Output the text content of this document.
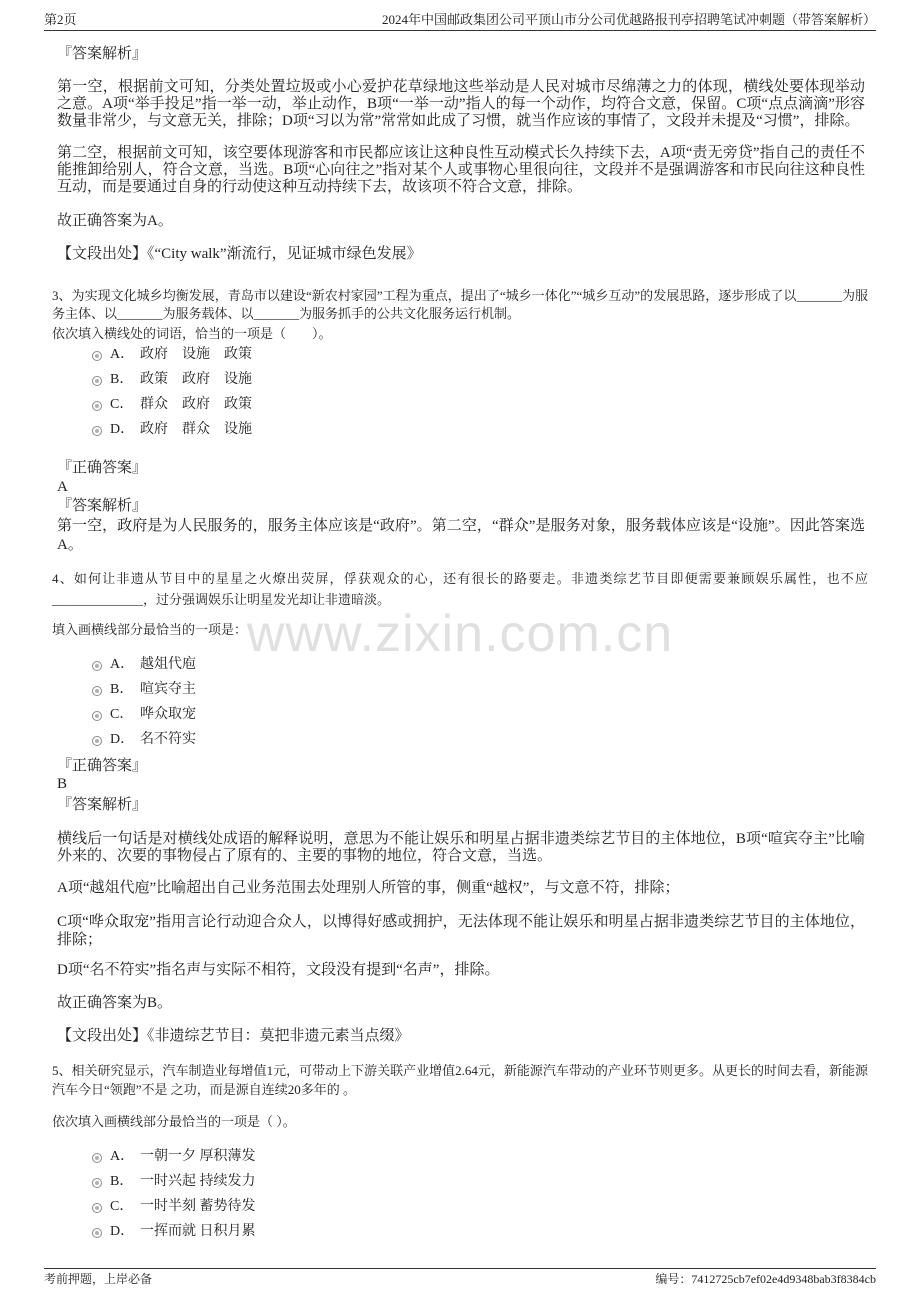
第2页	2024年中国邮政集团公司平顶山市分公司优越路报刊亭招聘笔试冲刺题（带答案解析）
www.zixin.com.cn
『答案解析』
第一空，根据前文可知，分类处置垃圾或小心爱护花草绿地这些举动是人民对城市尽绵薄之力的体现，横线处要体现举动之意。A项“举手投足”指一举一动，举止动作，B项“一举一动”指人的每一个动作，均符合文意，保留。C项“点点滴滴”形容数量非常少，与文意无关，排除；D项“习以为常”常常如此成了习惯，就当作应该的事情了，文段并未提及“习惯”，排除。
第二空，根据前文可知，该空要体现游客和市民都应该让这种良性互动模式长久持续下去，A项“责无旁贷”指自己的责任不能推卸给别人，符合文意，当选。B项“心向往之”指对某个人或事物心里很向往，文段并不是强调游客和市民向往这种良性互动，而是要通过自身的行动使这种互动持续下去，故该项不符合文意，排除。
故正确答案为A。
【文段出处】《“City walk”渐流行，见证城市绿色发展》
3、为实现文化城乡均衡发展，青岛市以建设“新农村家园”工程为重点，提出了“城乡一体化”“城乡互动”的发展思路，逐步形成了以_______为服务主体、以_______为服务载体、以_______为服务抓手的公共文化服务运行机制。
依次填入横线处的词语，恰当的一项是（　　）。
A． 政府　设施　政策
B． 政策　政府　设施
C． 群众　政府　政策
D． 政府　群众　设施
『正确答案』
A
『答案解析』
第一空，政府是为人民服务的，服务主体应该是“政府”。第二空，“群众”是服务对象，服务载体应该是“设施”。因此答案选A。
4、如何让非遗从节目中的星星之火燎出荧屏，俘获观众的心，还有很长的路要走。非遗类综艺节目即便需要兼顾娱乐属性，也不应______________，过分强调娱乐让明星发光却让非遗暗淡。
填入画横线部分最恰当的一项是：
A． 越俎代庖
B． 喧宾夺主
C． 哗众取宠
D． 名不符实
『正确答案』
B
『答案解析』
横线后一句话是对横线处成语的解释说明，意思为不能让娱乐和明星占据非遗类综艺节目的主体地位，B项“喧宾夺主”比喻外来的、次要的事物侵占了原有的、主要的事物的地位，符合文意，当选。
A项“越俎代庖”比喻超出自己业务范围去处理别人所管的事，侧重“越权”，与文意不符，排除；
C项“哗众取宠”指用言论行动迎合众人，以博得好感或拥护，无法体现不能让娱乐和明星占据非遗类综艺节目的主体地位，排除；
D项“名不符实”指名声与实际不相符，文段没有提到“名声”，排除。
故正确答案为B。
【文段出处】《非遗综艺节目：莫把非遗元素当点缀》
5、相关研究显示，汽车制造业每增值1元，可带动上下游关联产业增值2.64元，新能源汽车带动的产业环节则更多。从更长的时间去看，新能源汽车今日“领跑”不是 之功，而是源自连续20多年的 。
依次填入画横线部分最恰当的一项是（ ）。
A． 一朝一夕 厚积薄发
B． 一时兴起 持续发力
C． 一时半刻 蓄势待发
D． 一挥而就 日积月累
考前押题，上岸必备	编号：7412725cb7ef02e4d9348bab3f8384cb
